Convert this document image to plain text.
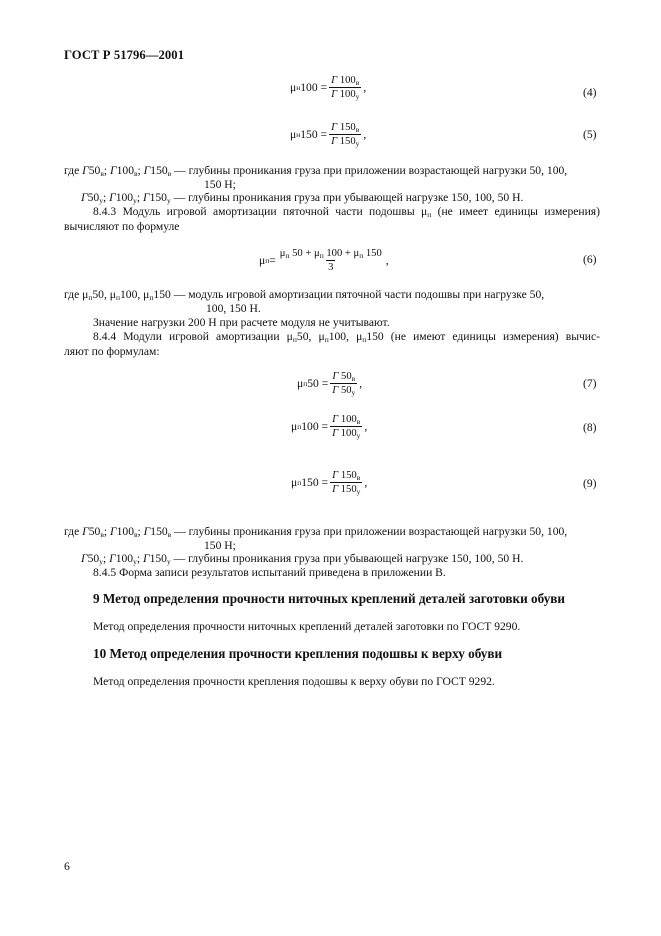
ГОСТ Р 51796—2001
μ н $100 = \frac{Г 100_в}{Г 100_у}$ ,	(4)
μ н $150 = \frac{Г 150_в}{Г 150_у}$ ,	(5)
где $Г50_в$; $Г100_в$; $Г150_в$ — глубины проникания груза при приложении возрастающей нагрузки 50, 100,
150 Н;
$Г50_у$; $Г100_у$; $Г150_у$ — глубины проникания груза при убывающей нагрузке 150, 100, 50 Н.
8.4.3 Модуль игровой амортизации пяточной части подошвы $\mu_п$ (не имеет единицы измерения)
вычисляют по формуле
μ $п = \frac{\mu_п 50 + \mu_п 100 + \mu_п 150}{3}$ ,	(6)
где $\mu_п50$, $\mu_п100$, $\mu_п150$ — модуль игровой амортизации пяточной части подошвы при нагрузке 50,
100, 150 Н.
Значение нагрузки 200 Н при расчете модуля не учитывают.
8.4.4 Модули игровой амортизации $\mu_п50$, $\mu_п100$, $\mu_п150$ (не имеют единицы измерения) вычис-
ляют по формулам:
μ п $50 = \frac{Г 50_в}{Г 50_у}$ ,	(7)
μ п $100 = \frac{Г 100_в}{Г 100_у}$ ,	(8)
μ п $150 = \frac{Г 150_в}{Г 150_у}$ ,	(9)
где $Г50_в$; $Г100_в$; $Г150_в$ — глубины проникания груза при приложении возрастающей нагрузки 50, 100,
150 Н;
$Г50_у$; $Г100_у$; $Г150_у$ — глубины проникания груза при убывающей нагрузке 150, 100, 50 Н.
8.4.5 Форма записи результатов испытаний приведена в приложении В.
9 Метод определения прочности ниточных креплений деталей заготовки обуви
Метод определения прочности ниточных креплений деталей заготовки по ГОСТ 9290.
10 Метод определения прочности крепления подошвы к верху обуви
Метод определения прочности крепления подошвы к верху обуви по ГОСТ 9292.
6
